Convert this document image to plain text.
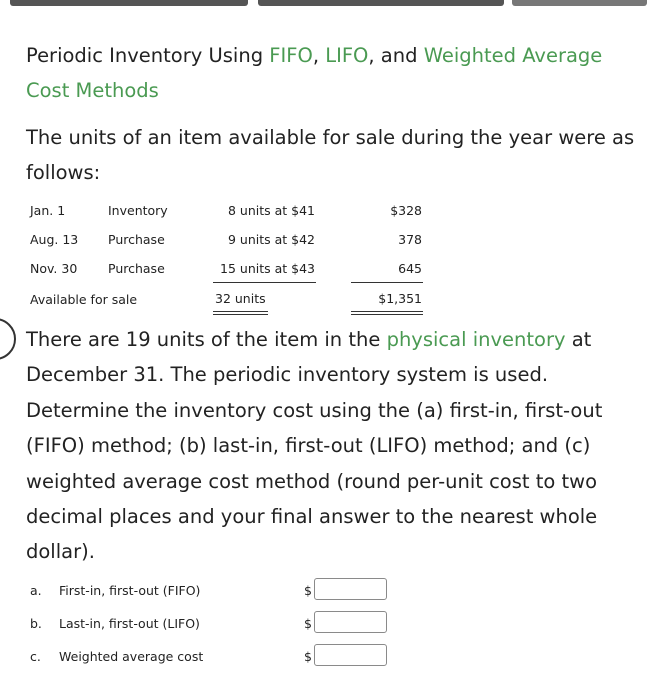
Periodic Inventory Using FIFO, LIFO, and Weighted Average Cost Methods

The units of an item available for sale during the year were as follows:

Jan. 1	Inventory	8 units at $41	$328
Aug. 13 Purchase	9 units at $42	378
Nov. 30 Purchase	15 units at $43	645
Available for sale	32 units	$1,351

There are 19 units of the item in the physical inventory at December 31. The periodic inventory system is used. Determine the inventory cost using the (a) first-in, first-out (FIFO) method; (b) last-in, first-out (LIFO) method; and (c) weighted average cost method (round per-unit cost to two decimal places and your final answer to the nearest whole dollar).

a. First-in, first-out (FIFO)	$
b. Last-in, first-out (LIFO)	$
c. Weighted average cost	$
